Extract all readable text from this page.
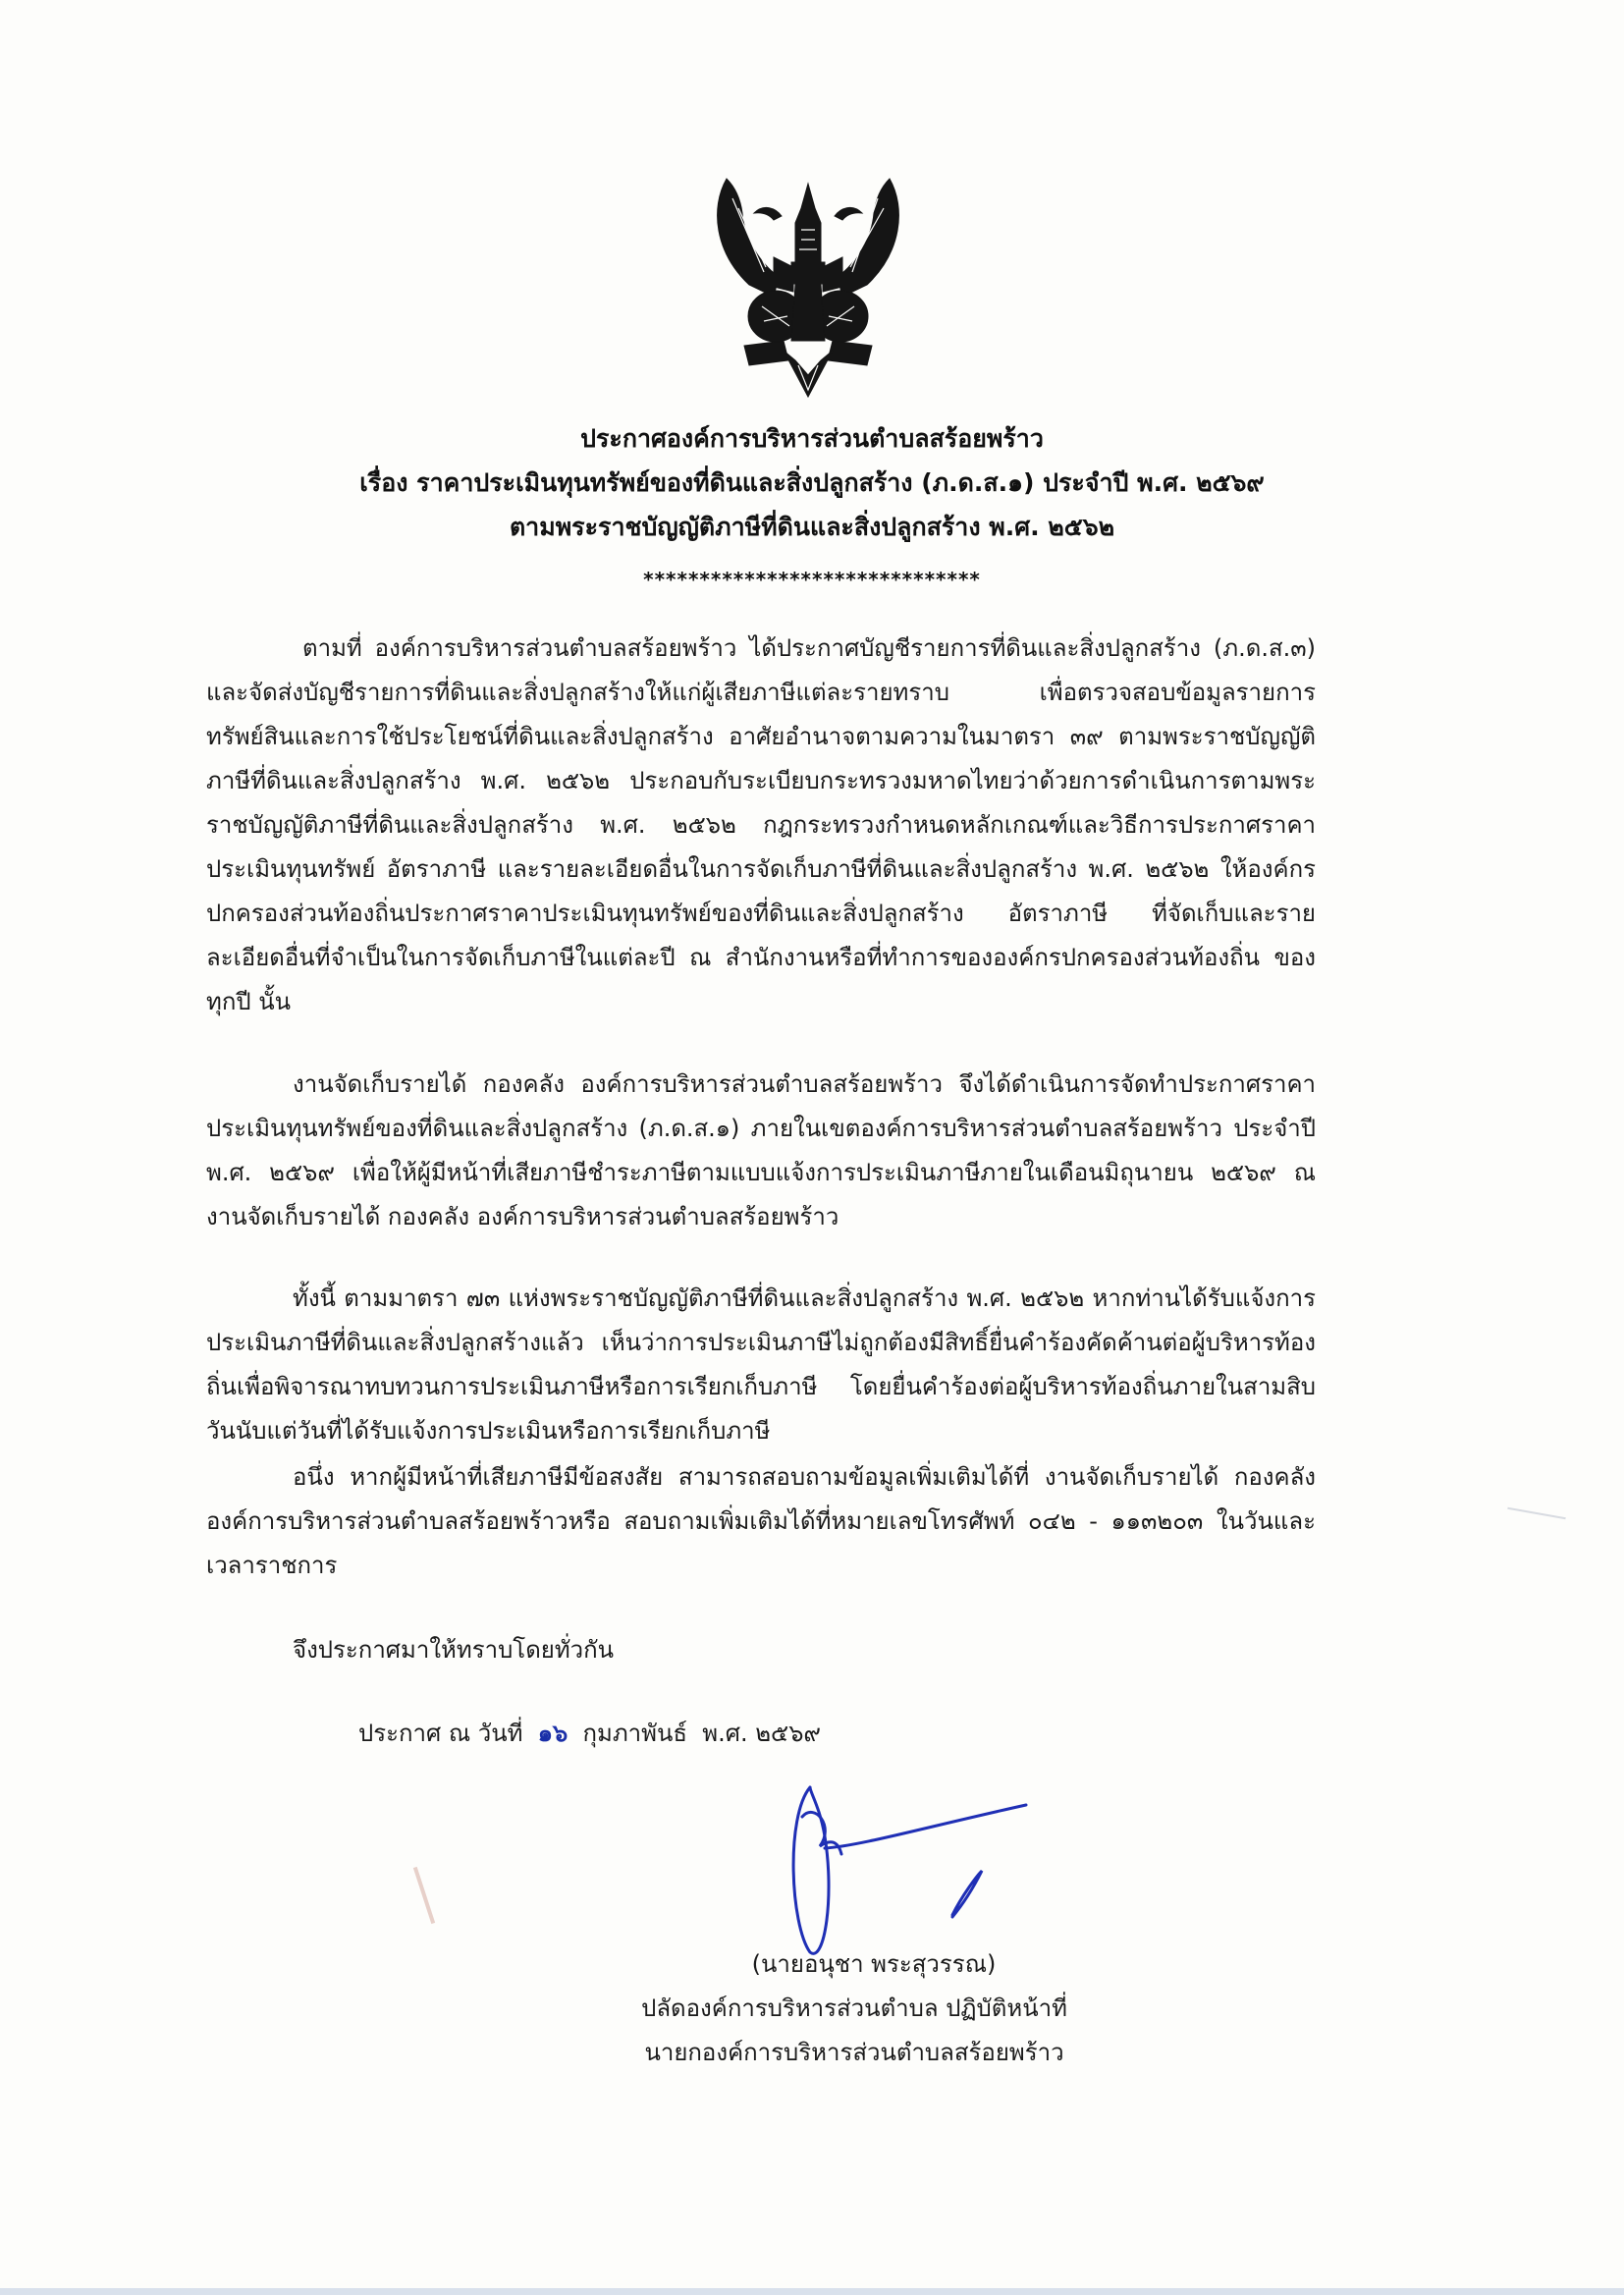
ประกาศองค์การบริหารส่วนตำบลสร้อยพร้าว
เรื่อง ราคาประเมินทุนทรัพย์ของที่ดินและสิ่งปลูกสร้าง (ภ.ด.ส.๑) ประจำปี พ.ศ. ๒๕๖๙
ตามพระราชบัญญัติภาษีที่ดินและสิ่งปลูกสร้าง พ.ศ. ๒๕๖๒
******************************
ตามที่ องค์การบริหารส่วนตำบลสร้อยพร้าว ได้ประกาศบัญชีรายการที่ดินและสิ่งปลูกสร้าง (ภ.ด.ส.๓) และจัดส่งบัญชีรายการที่ดินและสิ่งปลูกสร้างให้แก่ผู้เสียภาษีแต่ละรายทราบ เพื่อตรวจสอบข้อมูลรายการทรัพย์สินและการใช้ประโยชน์ที่ดินและสิ่งปลูกสร้าง อาศัยอำนาจตามความในมาตรา ๓๙ ตามพระราชบัญญัติภาษีที่ดินและสิ่งปลูกสร้าง พ.ศ. ๒๕๖๒ ประกอบกับระเบียบกระทรวงมหาดไทยว่าด้วยการดำเนินการตามพระราชบัญญัติภาษีที่ดินและสิ่งปลูกสร้าง พ.ศ. ๒๕๖๒ กฎกระทรวงกำหนดหลักเกณฑ์และวิธีการประกาศราคาประเมินทุนทรัพย์ อัตราภาษี และรายละเอียดอื่นในการจัดเก็บภาษีที่ดินและสิ่งปลูกสร้าง พ.ศ. ๒๕๖๒ ให้องค์กรปกครองส่วนท้องถิ่นประกาศราคาประเมินทุนทรัพย์ของที่ดินและสิ่งปลูกสร้าง อัตราภาษี ที่จัดเก็บและรายละเอียดอื่นที่จำเป็นในการจัดเก็บภาษีในแต่ละปี ณ สำนักงานหรือที่ทำการขององค์กรปกครองส่วนท้องถิ่น ของทุกปี นั้น
งานจัดเก็บรายได้ กองคลัง องค์การบริหารส่วนตำบลสร้อยพร้าว จึงได้ดำเนินการจัดทำประกาศราคาประเมินทุนทรัพย์ของที่ดินและสิ่งปลูกสร้าง (ภ.ด.ส.๑) ภายในเขตองค์การบริหารส่วนตำบลสร้อยพร้าว ประจำปี พ.ศ. ๒๕๖๙ เพื่อให้ผู้มีหน้าที่เสียภาษีชำระภาษีตามแบบแจ้งการประเมินภาษีภายในเดือนมิถุนายน ๒๕๖๙ ณ งานจัดเก็บรายได้ กองคลัง องค์การบริหารส่วนตำบลสร้อยพร้าว
ทั้งนี้ ตามมาตรา ๗๓ แห่งพระราชบัญญัติภาษีที่ดินและสิ่งปลูกสร้าง พ.ศ. ๒๕๖๒ หากท่านได้รับแจ้งการประเมินภาษีที่ดินและสิ่งปลูกสร้างแล้ว เห็นว่าการประเมินภาษีไม่ถูกต้องมีสิทธิ์ยื่นคำร้องคัดค้านต่อผู้บริหารท้องถิ่นเพื่อพิจารณาทบทวนการประเมินภาษีหรือการเรียกเก็บภาษี โดยยื่นคำร้องต่อผู้บริหารท้องถิ่นภายในสามสิบวันนับแต่วันที่ได้รับแจ้งการประเมินหรือการเรียกเก็บภาษี
อนึ่ง หากผู้มีหน้าที่เสียภาษีมีข้อสงสัย สามารถสอบถามข้อมูลเพิ่มเติมได้ที่ งานจัดเก็บรายได้ กองคลัง องค์การบริหารส่วนตำบลสร้อยพร้าวหรือ สอบถามเพิ่มเติมได้ที่หมายเลขโทรศัพท์ ๐๔๒ - ๑๑๓๒๐๓ ในวันและเวลาราชการ
จึงประกาศมาให้ทราบโดยทั่วกัน
ประกาศ ณ วันที่ ๑๖ กุมภาพันธ์  พ.ศ. ๒๕๖๙
(นายอนุชา พระสุวรรณ)
ปลัดองค์การบริหารส่วนตำบล ปฏิบัติหน้าที่
นายกองค์การบริหารส่วนตำบลสร้อยพร้าว
